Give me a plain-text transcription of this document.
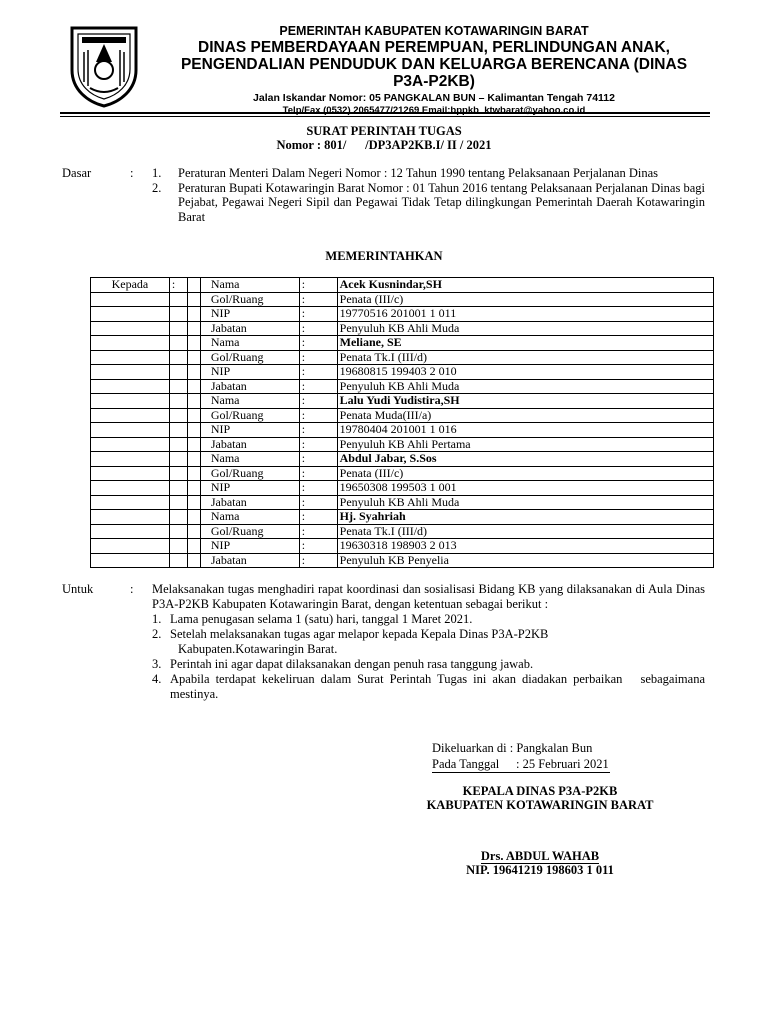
PEMERINTAH KABUPATEN KOTAWARINGIN BARAT
DINAS PEMBERDAYAAN PEREMPUAN, PERLINDUNGAN ANAK,
PENGENDALIAN PENDUDUK DAN KELUARGA BERENCANA (DINAS
P3A-P2KB)
Jalan Iskandar Nomor: 05 PANGKALAN BUN – Kalimantan Tengah 74112
Telp/Fax (0532) 2065477/21269 Email:bppkb_ktwbarat@yahoo.co.id
SURAT PERINTAH TUGAS
Nomor : 801/      /DP3AP2KB.I/ II / 2021
Dasar	: 1.	Peraturan Menteri Dalam Negeri Nomor : 12 Tahun 1990 tentang Pelaksanaan Perjalanan Dinas
2.	Peraturan Bupati Kotawaringin Barat Nomor : 01 Tahun 2016 tentang Pelaksanaan Perjalanan Dinas bagi Pejabat, Pegawai Negeri Sipil dan Pegawai Tidak Tetap dilingkungan Pemerintah Daerah Kotawaringin Barat
MEMERINTAHKAN
Kepada	:		Nama	:	Acek Kusnindar,SH
			Gol/Ruang	:	Penata (III/c)
			NIP	:	19770516 201001 1 011
			Jabatan	:	Penyuluh KB Ahli Muda
			Nama	:	Meliane, SE
			Gol/Ruang	:	Penata Tk.I (III/d)
			NIP	:	19680815 199403 2 010
			Jabatan	:	Penyuluh KB Ahli Muda
			Nama	:	Lalu Yudi Yudistira,SH
			Gol/Ruang	:	Penata Muda(III/a)
			NIP	:	19780404 201001 1 016
			Jabatan	:	Penyuluh KB Ahli Pertama
			Nama	:	Abdul Jabar, S.Sos
			Gol/Ruang	:	Penata (III/c)
			NIP	:	19650308 199503 1 001
			Jabatan	:	Penyuluh KB Ahli Muda
			Nama	:	Hj. Syahriah
			Gol/Ruang	:	Penata Tk.I (III/d)
			NIP	:	19630318 198903 2 013
			Jabatan	:	Penyuluh KB Penyelia
Untuk	: Melaksanakan tugas menghadiri rapat koordinasi dan sosialisasi Bidang KB yang dilaksanakan di Aula Dinas P3A-P2KB Kabupaten Kotawaringin Barat, dengan ketentuan sebagai berikut :
1. Lama penugasan selama 1 (satu) hari, tanggal 1 Maret 2021.
2. Setelah melaksanakan tugas agar melapor kepada Kepala Dinas P3A-P2KB
Kabupaten.Kotawaringin Barat.
3. Perintah ini agar dapat dilaksanakan dengan penuh rasa tanggung jawab.
4. Apabila terdapat kekeliruan dalam Surat Perintah Tugas ini akan diadakan perbaikan   sebagaimana mestinya.
Dikeluarkan di : Pangkalan Bun
Pada Tanggal : 25 Februari 2021
KEPALA DINAS P3A-P2KB
KABUPATEN KOTAWARINGIN BARAT
Drs. ABDUL WAHAB
NIP. 19641219 198603 1 011
